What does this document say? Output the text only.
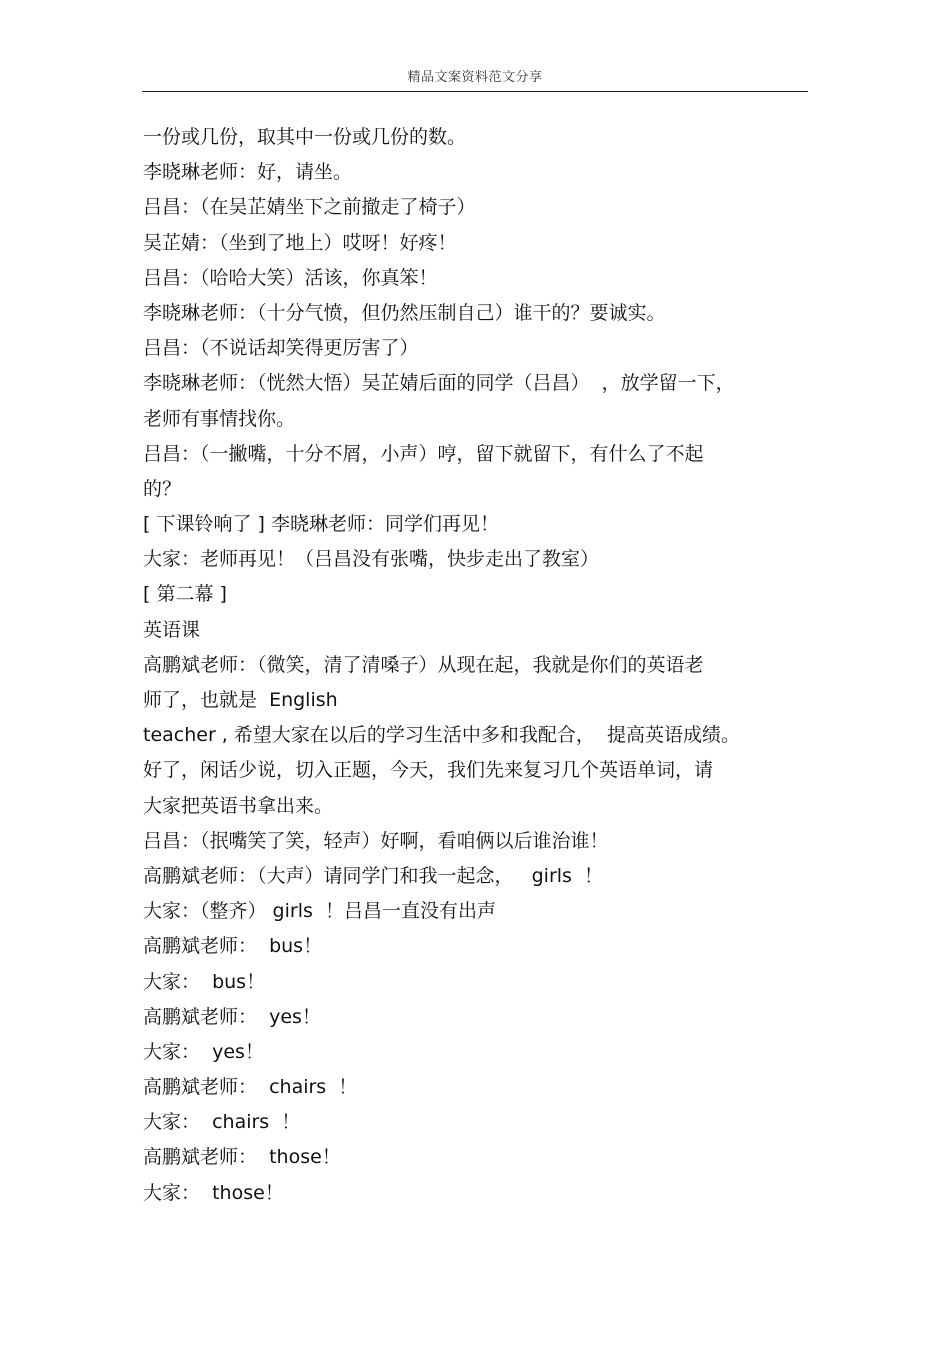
精品文案资料范文分享
一份或几份，取其中一份或几份的数。
李晓琳老师：好，请坐。
吕昌：（在吴芷婧坐下之前撤走了椅子）
吴芷婧：（坐到了地上）哎呀！好疼！
吕昌：（哈哈大笑）活该，你真笨！
李晓琳老师：（十分气愤，但仍然压制自己）谁干的？要诚实。
吕昌：（不说话却笑得更厉害了）
李晓琳老师：（恍然大悟）吴芷婧后面的同学（吕昌）  ，放学留一下，
老师有事情找你。
吕昌：（一撇嘴，十分不屑，小声）哼，留下就留下，有什么了不起
的？
[ 下课铃响了 ] 李晓琳老师：同学们再见！
大家：老师再见！（吕昌没有张嘴，快步走出了教室）
[ 第二幕 ]
英语课
高鹏斌老师：（微笑，清了清嗓子）从现在起，我就是你们的英语老
师了，也就是  English
teacher , 希望大家在以后的学习生活中多和我配合，  提高英语成绩。
好了，闲话少说，切入正题，今天，我们先来复习几个英语单词，请
大家把英语书拿出来。
吕昌：（抿嘴笑了笑，轻声）好啊，看咱俩以后谁治谁！
高鹏斌老师：（大声）请同学门和我一起念，   girls  ！
大家：（整齐） girls  ！吕昌一直没有出声
高鹏斌老师：  bus！
大家：  bus！
高鹏斌老师：  yes！
大家：  yes！
高鹏斌老师：  chairs  ！
大家：  chairs  ！
高鹏斌老师：  those！
大家：  those！
